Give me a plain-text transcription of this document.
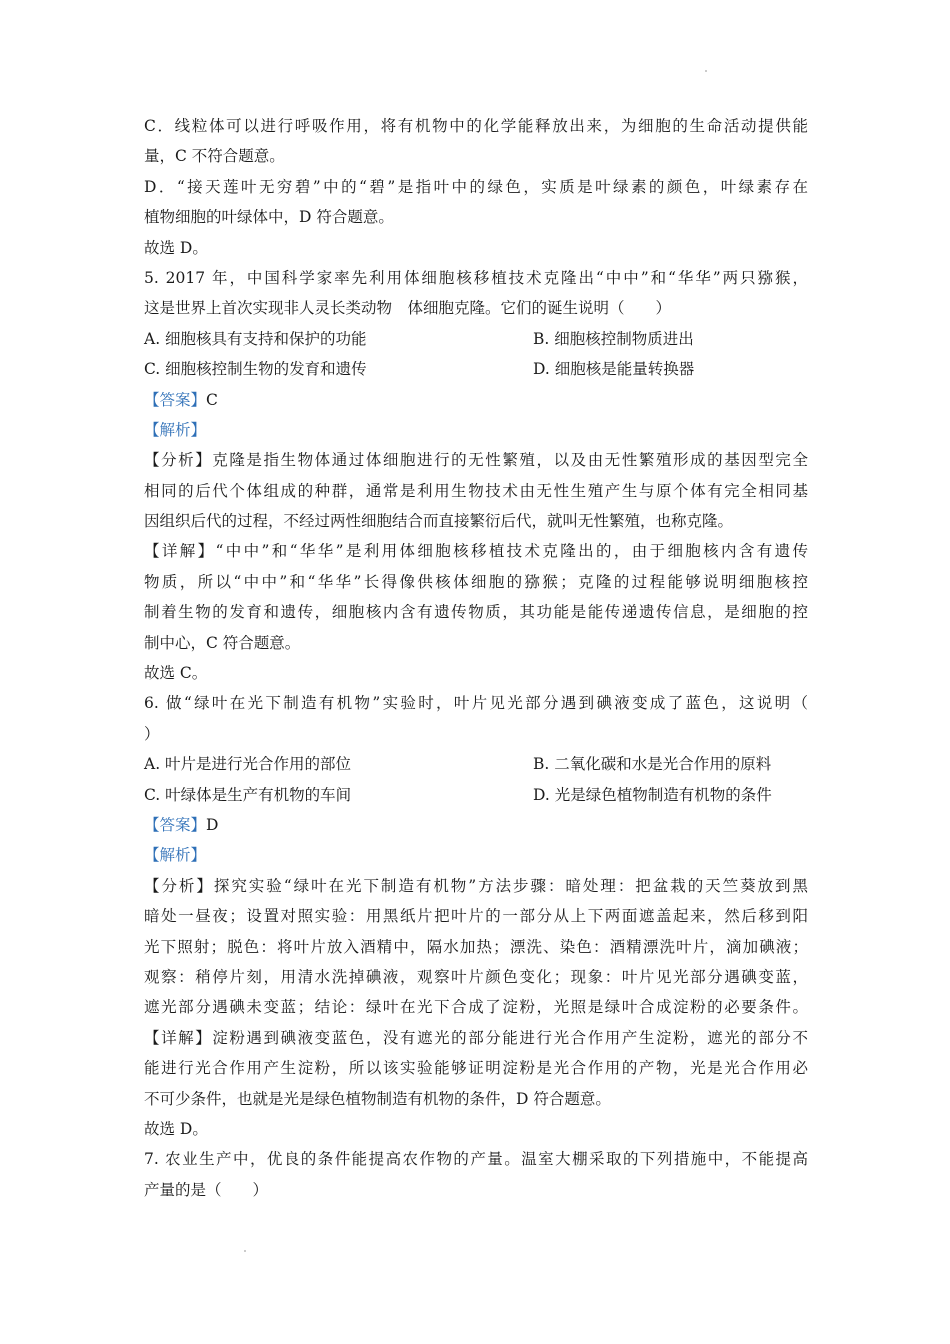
C．线粒体可以进行呼吸作用，将有机物中的化学能释放出来，为细胞的生命活动提供能
量，C 不符合题意。
D．“接天莲叶无穷碧”中的“碧”是指叶中的绿色，实质是叶绿素的颜色，叶绿素存在
植物细胞的叶绿体中，D 符合题意。
故选 D。
5. 2017 年，中国科学家率先利用体细胞核移植技术克隆出“中中”和“华华”两只猕猴，
这是世界上首次实现非人灵长类动物　体细胞克隆。它们的诞生说明（　　）
A. 细胞核具有支持和保护的功能	B. 细胞核控制物质进出
C. 细胞核控制生物的发育和遗传	D. 细胞核是能量转换器
【答案】C
【解析】
【分析】克隆是指生物体通过体细胞进行的无性繁殖，以及由无性繁殖形成的基因型完全
相同的后代个体组成的种群，通常是利用生物技术由无性生殖产生与原个体有完全相同基
因组织后代的过程，不经过两性细胞结合而直接繁衍后代，就叫无性繁殖，也称克隆。
【详解】“中中”和“华华”是利用体细胞核移植技术克隆出的，由于细胞核内含有遗传
物质，所以“中中”和“华华”长得像供核体细胞的猕猴；克隆的过程能够说明细胞核控
制着生物的发育和遗传，细胞核内含有遗传物质，其功能是能传递遗传信息，是细胞的控
制中心，C 符合题意。
故选 C。
6. 做“绿叶在光下制造有机物”实验时，叶片见光部分遇到碘液变成了蓝色，这说明（
）
A. 叶片是进行光合作用的部位	B. 二氧化碳和水是光合作用的原料
C. 叶绿体是生产有机物的车间	D. 光是绿色植物制造有机物的条件
【答案】D
【解析】
【分析】探究实验“绿叶在光下制造有机物”方法步骤：暗处理：把盆栽的天竺葵放到黑
暗处一昼夜；设置对照实验：用黑纸片把叶片的一部分从上下两面遮盖起来，然后移到阳
光下照射；脱色：将叶片放入酒精中，隔水加热；漂洗、染色：酒精漂洗叶片，滴加碘液；
观察：稍停片刻，用清水洗掉碘液，观察叶片颜色变化；现象：叶片见光部分遇碘变蓝，
遮光部分遇碘未变蓝；结论：绿叶在光下合成了淀粉，光照是绿叶合成淀粉的必要条件。
【详解】淀粉遇到碘液变蓝色，没有遮光的部分能进行光合作用产生淀粉，遮光的部分不
能进行光合作用产生淀粉，所以该实验能够证明淀粉是光合作用的产物，光是光合作用必
不可少条件，也就是光是绿色植物制造有机物的条件，D 符合题意。
故选 D。
7. 农业生产中，优良的条件能提高农作物的产量。温室大棚采取的下列措施中，不能提高
产量的是（　　）
